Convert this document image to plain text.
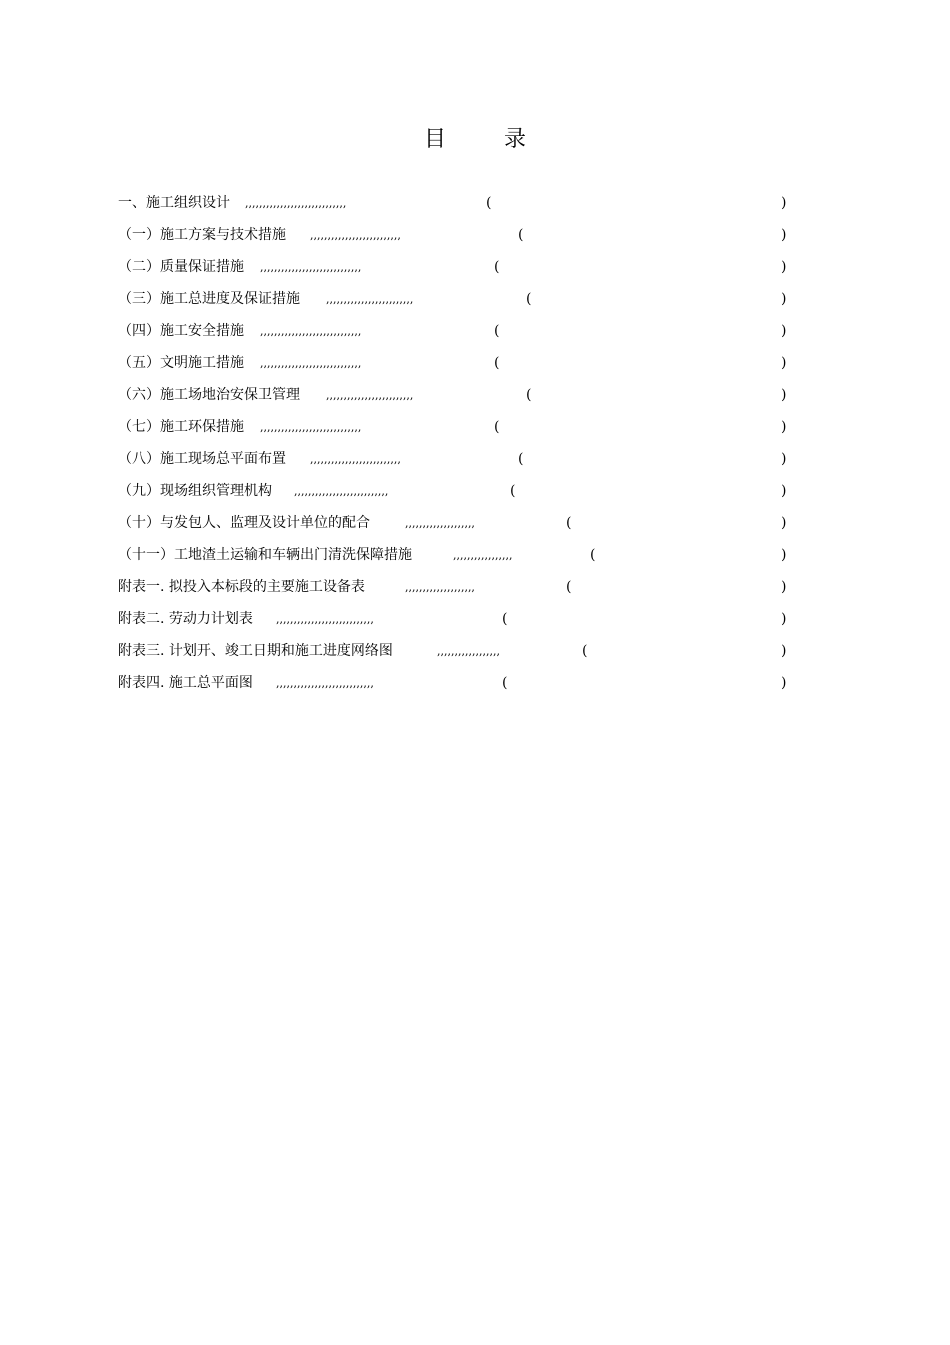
目	录
一、施工组织设计 ,,,,,,,,,,,,,,,,,,,,,,,,,,,,,	(	)
（一）施工方案与技术措施 ,,,,,,,,,,,,,,,,,,,,,,,,,,	(	)
（二）质量保证措施 ,,,,,,,,,,,,,,,,,,,,,,,,,,,,,	(	)
（三）施工总进度及保证措施 ,,,,,,,,,,,,,,,,,,,,,,,,,	(	)
（四）施工安全措施 ,,,,,,,,,,,,,,,,,,,,,,,,,,,,,	(	)
（五）文明施工措施 ,,,,,,,,,,,,,,,,,,,,,,,,,,,,,	(	)
（六）施工场地治安保卫管理 ,,,,,,,,,,,,,,,,,,,,,,,,,	(	)
（七）施工环保措施 ,,,,,,,,,,,,,,,,,,,,,,,,,,,,,	(	)
（八）施工现场总平面布置 ,,,,,,,,,,,,,,,,,,,,,,,,,,	(	)
（九）现场组织管理机构 ,,,,,,,,,,,,,,,,,,,,,,,,,,,	(	)
（十）与发包人、监理及设计单位的配合	,,,,,,,,,,,,,,,,,,,,	(	)
（十一）工地渣土运输和车辆出门清洗保障措施	,,,,,,,,,,,,,,,,,	(	)
附表一. 拟投入本标段的主要施工设备表	,,,,,,,,,,,,,,,,,,,,	(	)
附表二. 劳动力计划表 ,,,,,,,,,,,,,,,,,,,,,,,,,,,,	(	)
附表三. 计划开、竣工日期和施工进度网络图	,,,,,,,,,,,,,,,,,,	(	)
附表四. 施工总平面图 ,,,,,,,,,,,,,,,,,,,,,,,,,,,,	(	)
